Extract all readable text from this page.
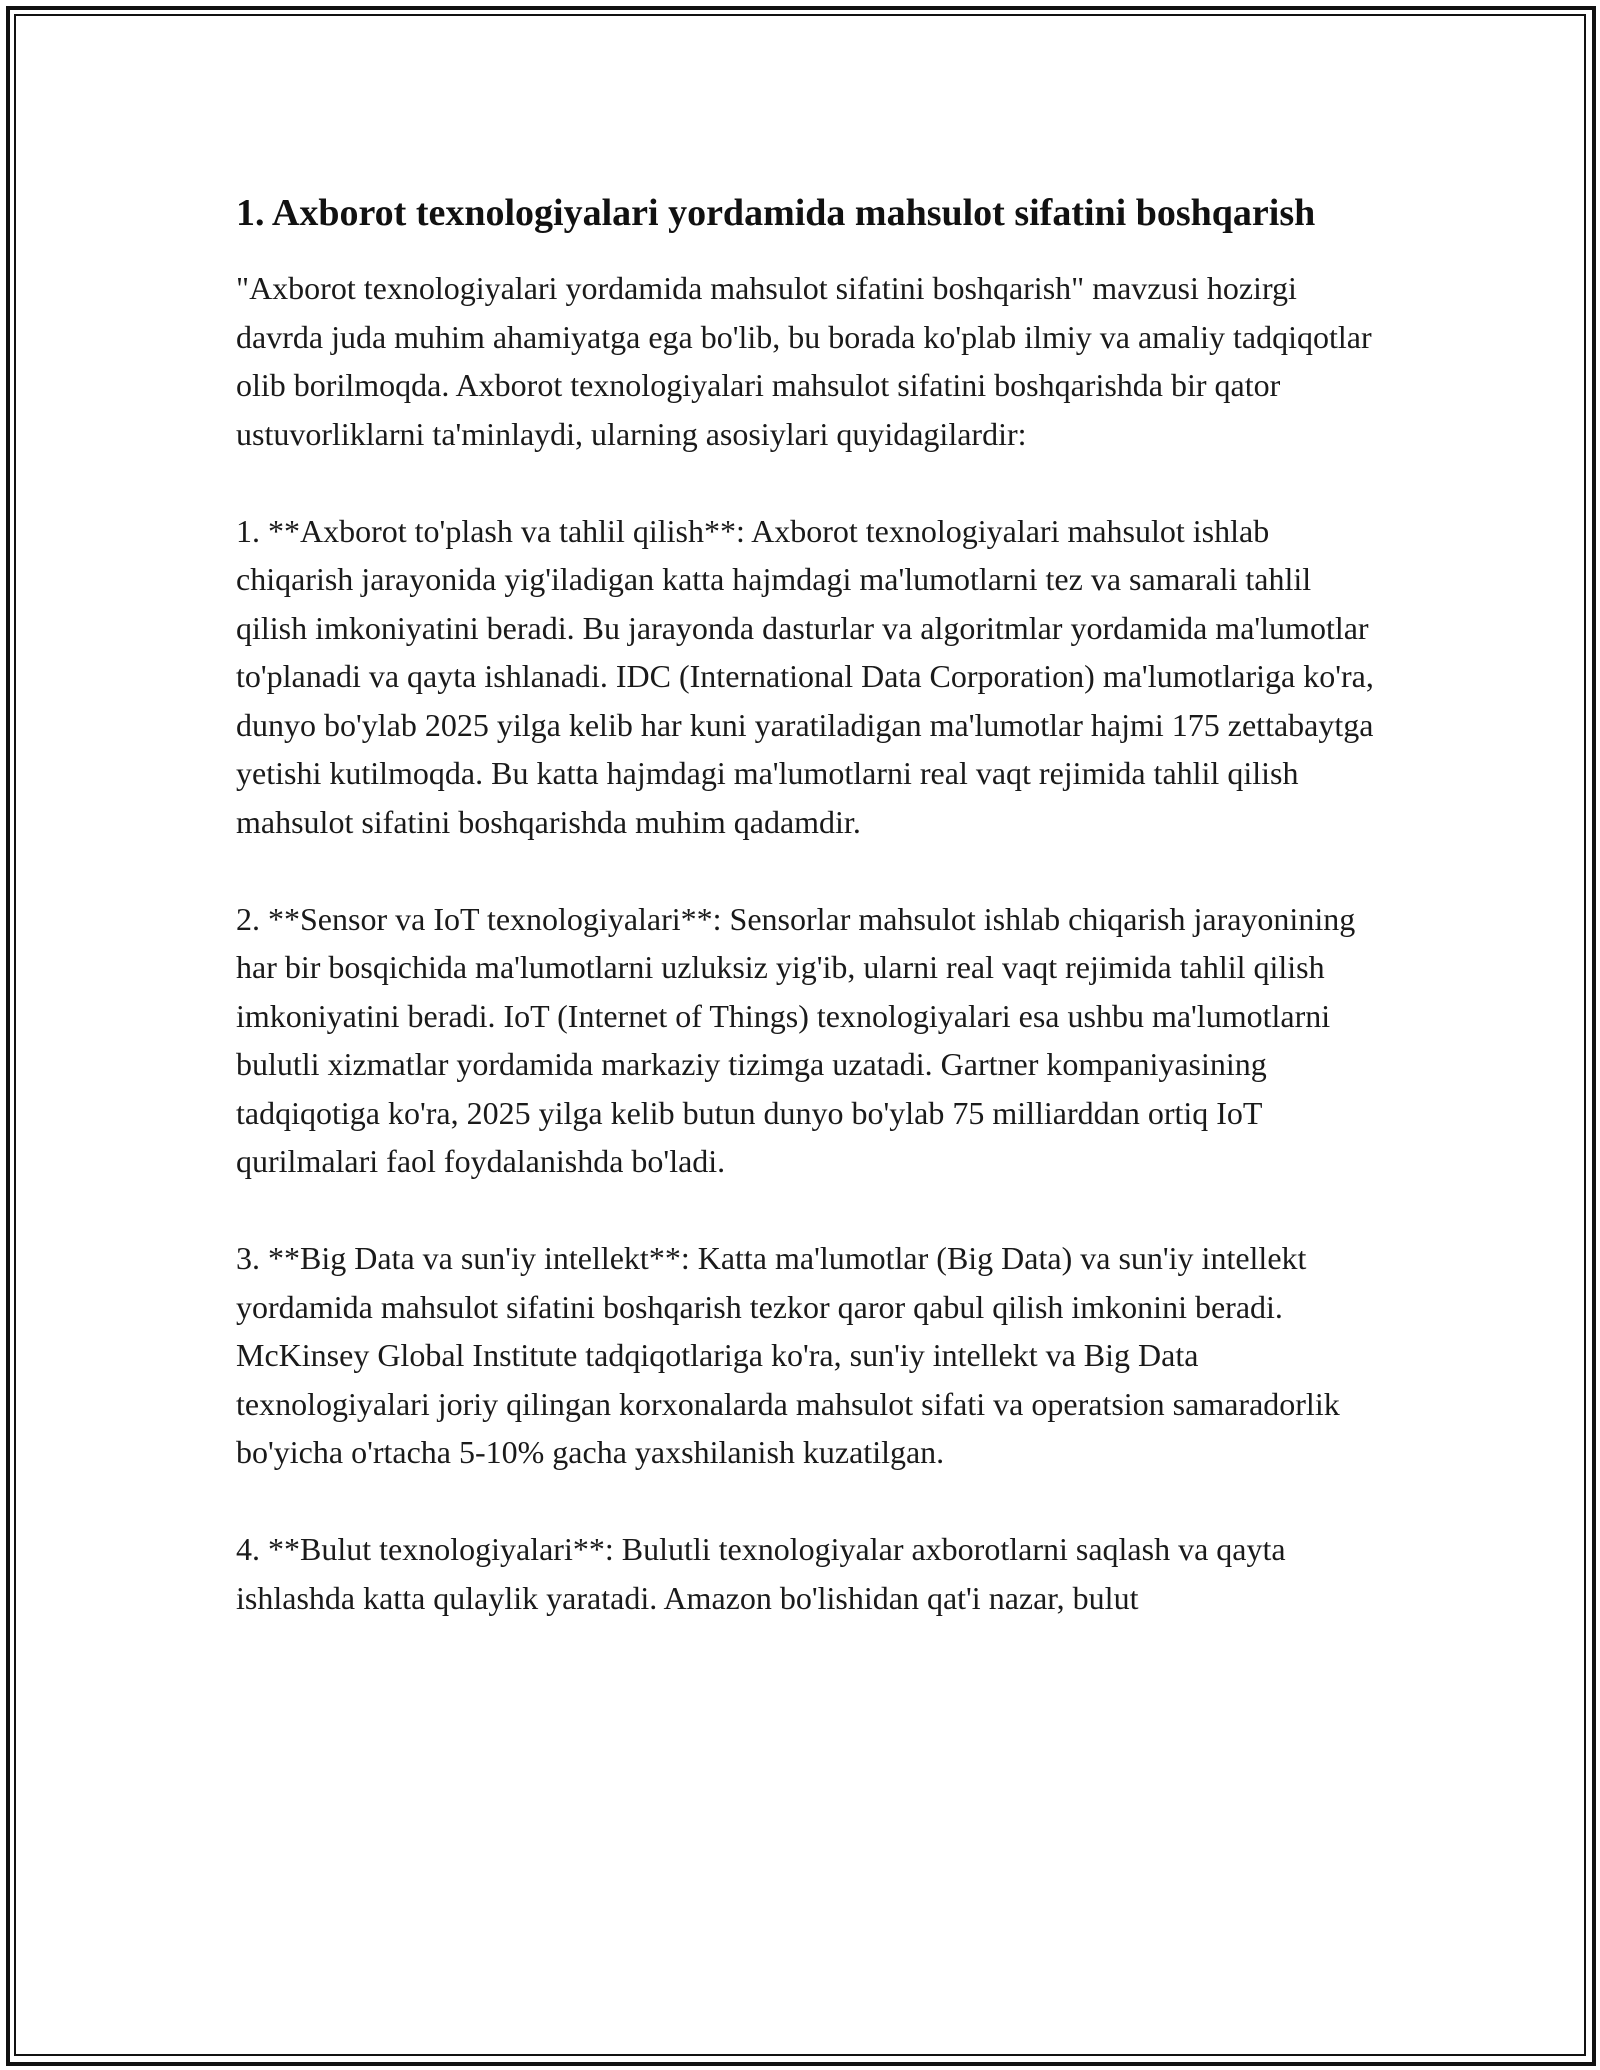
1. Axborot texnologiyalari yordamida mahsulot sifatini boshqarish

"Axborot texnologiyalari yordamida mahsulot sifatini boshqarish" mavzusi hozirgi davrda juda muhim ahamiyatga ega bo'lib, bu borada ko'plab ilmiy va amaliy tadqiqotlar olib borilmoqda. Axborot texnologiyalari mahsulot sifatini boshqarishda bir qator ustuvorliklarni ta'minlaydi, ularning asosiylari quyidagilardir:

1. **Axborot to'plash va tahlil qilish**: Axborot texnologiyalari mahsulot ishlab chiqarish jarayonida yig'iladigan katta hajmdagi ma'lumotlarni tez va samarali tahlil qilish imkoniyatini beradi. Bu jarayonda dasturlar va algoritmlar yordamida ma'lumotlar to'planadi va qayta ishlanadi. IDC (International Data Corporation) ma'lumotlariga ko'ra, dunyo bo'ylab 2025 yilga kelib har kuni yaratiladigan ma'lumotlar hajmi 175 zettabaytga yetishi kutilmoqda. Bu katta hajmdagi ma'lumotlarni real vaqt rejimida tahlil qilish mahsulot sifatini boshqarishda muhim qadamdir.

2. **Sensor va IoT texnologiyalari**: Sensorlar mahsulot ishlab chiqarish jarayonining har bir bosqichida ma'lumotlarni uzluksiz yig'ib, ularni real vaqt rejimida tahlil qilish imkoniyatini beradi. IoT (Internet of Things) texnologiyalari esa ushbu ma'lumotlarni bulutli xizmatlar yordamida markaziy tizimga uzatadi. Gartner kompaniyasining tadqiqotiga ko'ra, 2025 yilga kelib butun dunyo bo'ylab 75 milliarddan ortiq IoT qurilmalari faol foydalanishda bo'ladi.

3. **Big Data va sun'iy intellekt**: Katta ma'lumotlar (Big Data) va sun'iy intellekt yordamida mahsulot sifatini boshqarish tezkor qaror qabul qilish imkonini beradi. McKinsey Global Institute tadqiqotlariga ko'ra, sun'iy intellekt va Big Data texnologiyalari joriy qilingan korxonalarda mahsulot sifati va operatsion samaradorlik bo'yicha o'rtacha 5-10% gacha yaxshilanish kuzatilgan.

4. **Bulut texnologiyalari**: Bulutli texnologiyalar axborotlarni saqlash va qayta ishlashda katta qulaylik yaratadi. Amazon bo'lishidan qat'i nazar, bulut
